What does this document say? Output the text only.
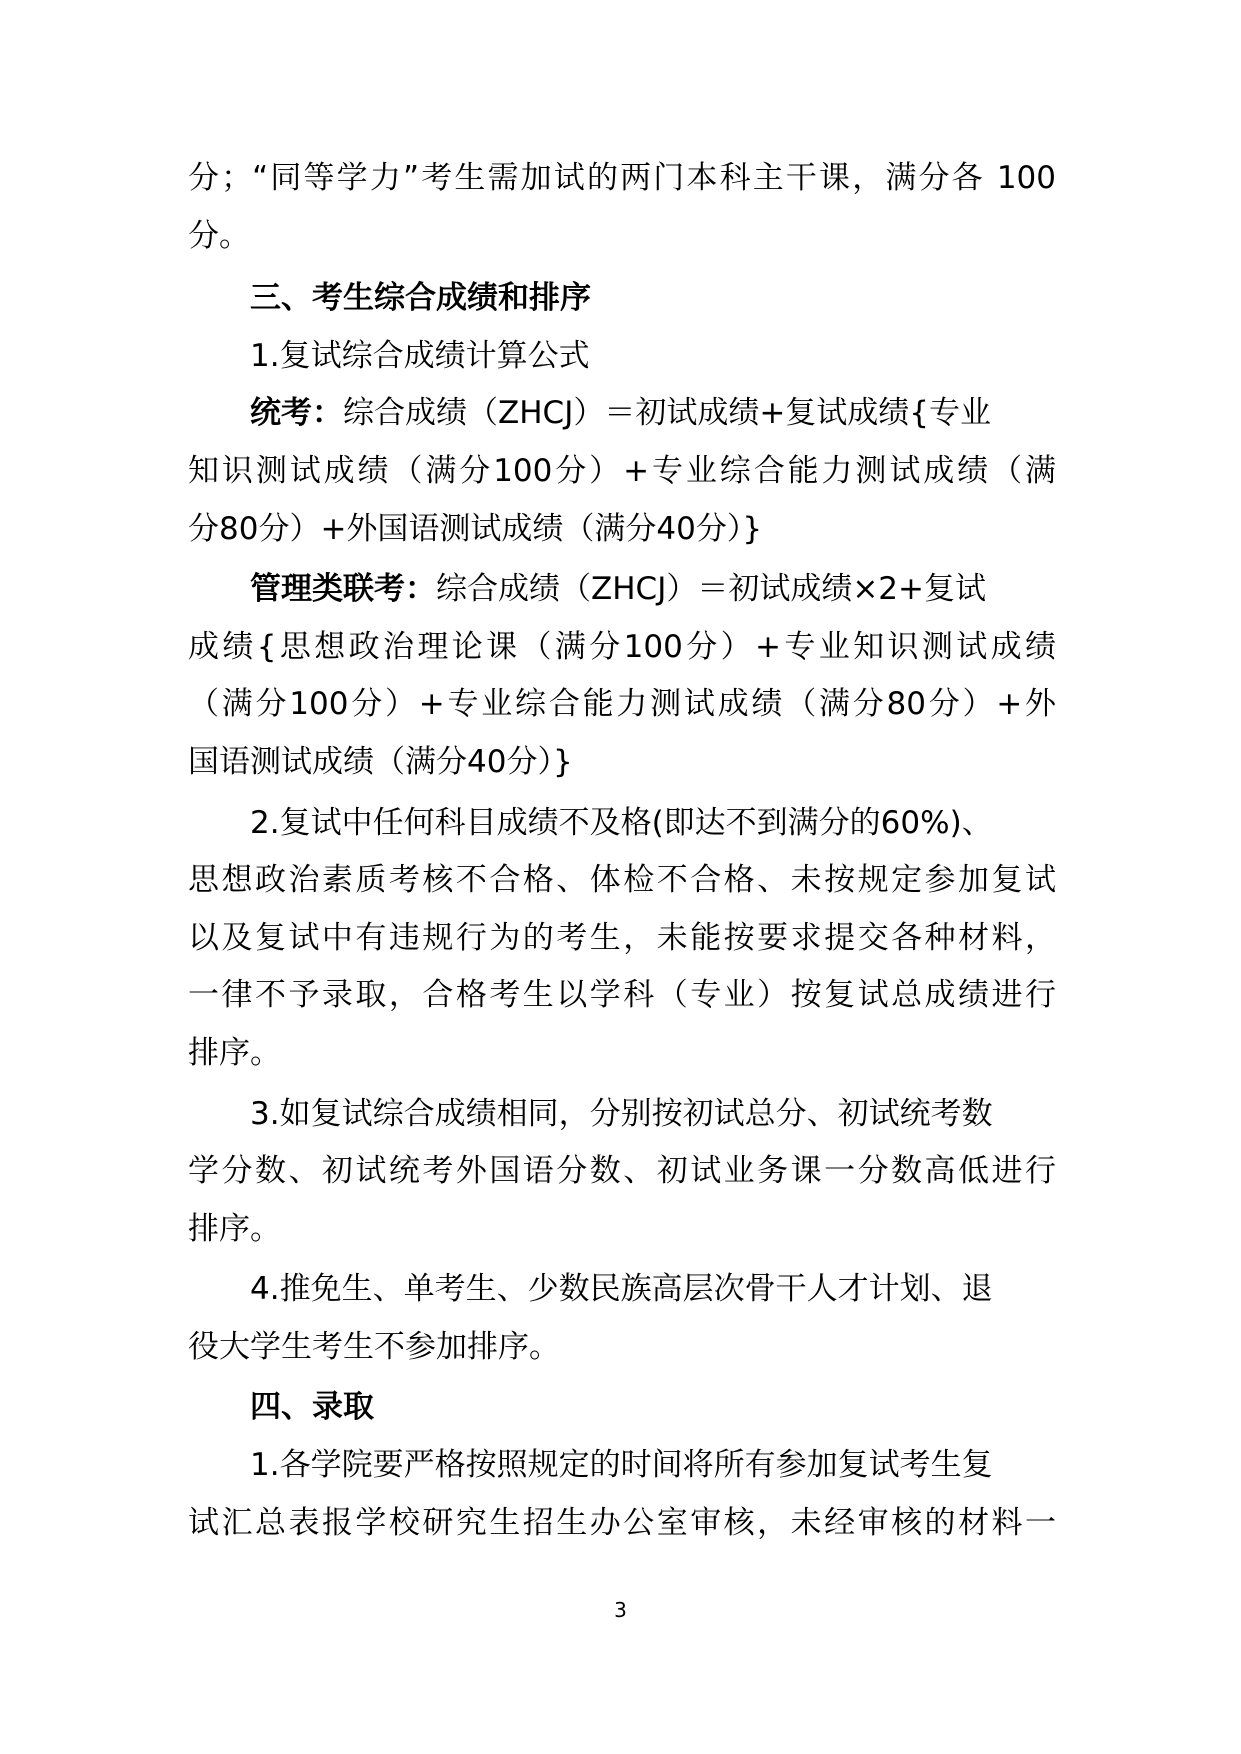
分；“同等学力”考生需加试的两门本科主干课，满分各 100
分。
三、考生综合成绩和排序
1.复试综合成绩计算公式
统考：综合成绩（ZHCJ）＝初试成绩+复试成绩{专业
知识测试成绩（满分100分）+专业综合能力测试成绩（满
分80分）+外国语测试成绩（满分40分）}
管理类联考：综合成绩（ZHCJ）＝初试成绩×2+复试
成绩{思想政治理论课（满分100分）+专业知识测试成绩
（满分100分）+专业综合能力测试成绩（满分80分）+外
国语测试成绩（满分40分）}
2.复试中任何科目成绩不及格(即达不到满分的60%)、
思想政治素质考核不合格、体检不合格、未按规定参加复试
以及复试中有违规行为的考生，未能按要求提交各种材料，
一律不予录取，合格考生以学科（专业）按复试总成绩进行
排序。
3.如复试综合成绩相同，分别按初试总分、初试统考数
学分数、初试统考外国语分数、初试业务课一分数高低进行
排序。
4.推免生、单考生、少数民族高层次骨干人才计划、退
役大学生考生不参加排序。
四、录取
1.各学院要严格按照规定的时间将所有参加复试考生复
试汇总表报学校研究生招生办公室审核，未经审核的材料一
3
